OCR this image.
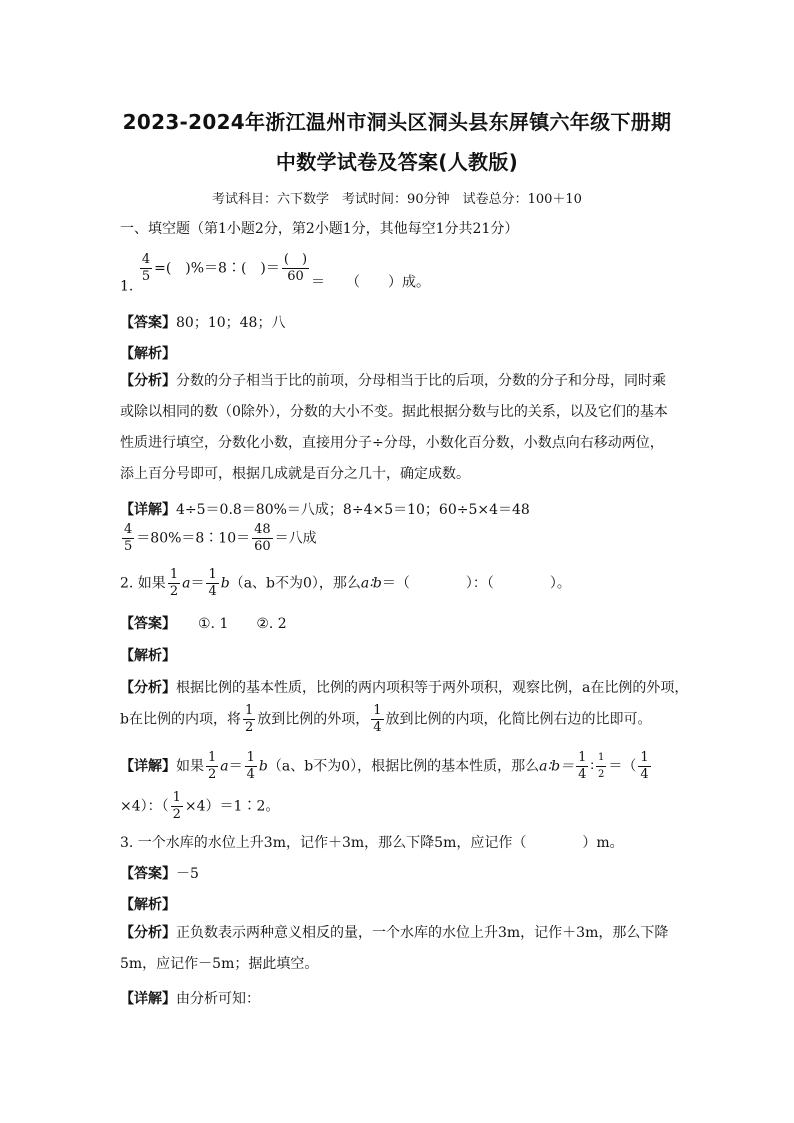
2023-2024年浙江温州市洞头区洞头县东屏镇六年级下册期
中数学试卷及答案(人教版)
考试科目：六下数学　考试时间：90分钟　试卷总分：100＋10
一、填空题（第1小题2分，第2小题1分，其他每空1分共21分）
1.
$\frac{4}{5}$ =(　)%＝8∶(　)＝ $\frac{( )}{60}$ ＝　　（　　）成。
【答案】80；10；48；八
【解析】
【分析】分数的分子相当于比的前项，分母相当于比的后项，分数的分子和分母，同时乘或除以相同的数（0除外），分数的大小不变。据此根据分数与比的关系，以及它们的基本性质进行填空，分数化小数，直接用分子÷分母，小数化百分数，小数点向右移动两位，添上百分号即可，根据几成就是百分之几十，确定成数。
【详解】4÷5＝0.8＝80%＝八成；8÷4×5＝10；60÷5×4＝48
$\frac{4}{5}$ ＝80%＝8∶10＝ $\frac{48}{60}$ ＝八成
2. 如果 $\frac{1}{2} a= \frac{1}{4} b(a$、b不为0），那么a∶b＝（　　　　）：（　　　　）。
【答案】 ①. 1　　②. 2
【解析】
【分析】根据比例的基本性质，比例的两内项积等于两外项积，观察比例，a在比例的外项，
b在比例的内项，将 $\frac{1}{2}$ 放到比例的外项， $\frac{1}{4}$ 放到比例的内项，化简比例右边的比即可。
【详解】如果 $\frac{1}{2} a= \frac{1}{4} b(a$、b不为0），根据比例的基本性质，那么a∶b＝ $\frac{1}{4}$ ∶ $\frac{1}{2}$ ＝（ $\frac{1}{4}$
×4）：（ $\frac{1}{2}$ ×4）＝1∶2。
3. 一个水库的水位上升3m，记作＋3m，那么下降5m，应记作（　　　　）m。
【答案】－5
【解析】
【分析】正负数表示两种意义相反的量，一个水库的水位上升3m，记作＋3m，那么下降5m，应记作－5m；据此填空。
【详解】由分析可知：
